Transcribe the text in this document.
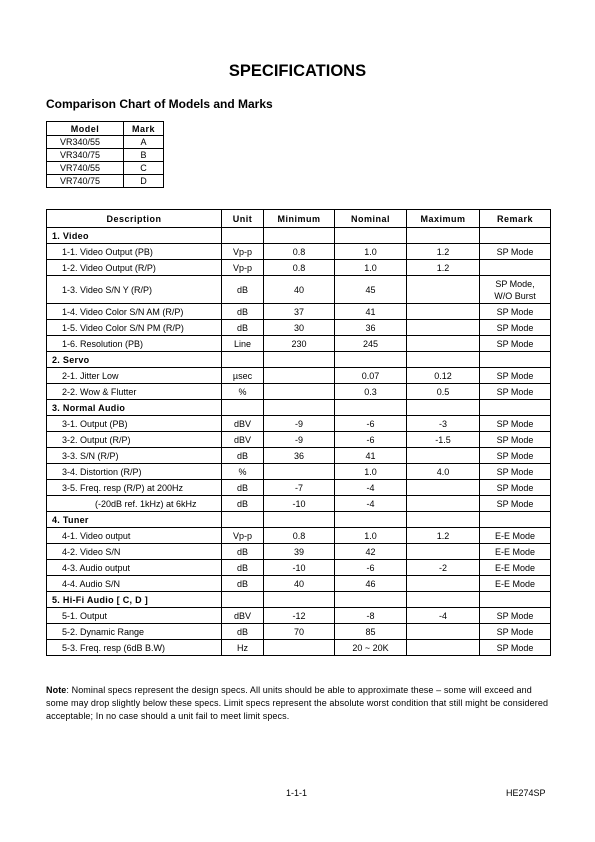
SPECIFICATIONS
Comparison Chart of Models and Marks
Model	Mark
VR340/55	A
VR340/75	B
VR740/55	C
VR740/75	D
Description	Unit	Minimum	Nominal	Maximum	Remark
1. Video					
1-1. Video Output (PB)	Vp-p	0.8	1.0	1.2	SP Mode
1-2. Video Output (R/P)	Vp-p	0.8	1.0	1.2	
1-3. Video S/N Y (R/P)	dB	40	45		SP Mode,
W/O Burst
1-4. Video Color S/N AM (R/P)	dB	37	41		SP Mode
1-5. Video Color S/N PM (R/P)	dB	30	36		SP Mode
1-6. Resolution (PB)	Line	230	245		SP Mode
2. Servo					
2-1. Jitter Low	µsec		0.07	0.12	SP Mode
2-2. Wow & Flutter	%		0.3	0.5	SP Mode
3. Normal Audio					
3-1. Output (PB)	dBV	-9	-6	-3	SP Mode
3-2. Output (R/P)	dBV	-9	-6	-1.5	SP Mode
3-3. S/N (R/P)	dB	36	41		SP Mode
3-4. Distortion (R/P)	%		1.0	4.0	SP Mode
3-5. Freq. resp (R/P) at 200Hz	dB	-7	-4		SP Mode
(-20dB ref. 1kHz) at 6kHz	dB	-10	-4		SP Mode
4. Tuner					
4-1. Video output	Vp-p	0.8	1.0	1.2	E-E Mode
4-2. Video S/N	dB	39	42		E-E Mode
4-3. Audio output	dB	-10	-6	-2	E-E Mode
4-4. Audio S/N	dB	40	46		E-E Mode
5. Hi-Fi Audio [ C, D ]					
5-1. Output	dBV	-12	-8	-4	SP Mode
5-2. Dynamic Range	dB	70	85		SP Mode
5-3. Freq. resp (6dB B.W)	Hz		20 ~ 20K		SP Mode
Note: Nominal specs represent the design specs. All units should be able to approximate these – some will exceed and some may drop slightly below these specs. Limit specs represent the absolute worst condition that still might be considered acceptable; In no case should a unit fail to meet limit specs.
1-1-1	HE274SP
